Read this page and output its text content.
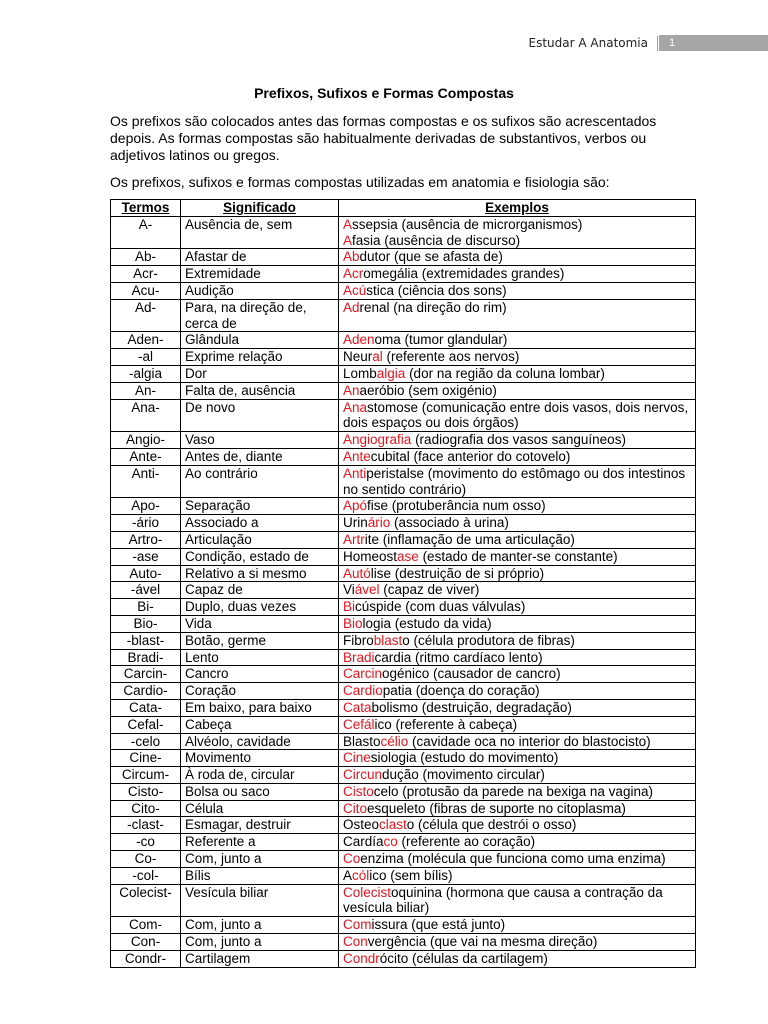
Estudar A Anatomia	1
Prefixos, Sufixos e Formas Compostas

Os prefixos são colocados antes das formas compostas e os sufixos são acrescentados depois. As formas compostas são habitualmente derivadas de substantivos, verbos ou adjetivos latinos ou gregos.

Os prefixos, sufixos e formas compostas utilizadas em anatomia e fisiologia são:

Termos	Significado	Exemplos
A-	Ausência de, sem	Assepsia (ausência de microrganismos)
Afasia (ausência de discurso)
Ab-	Afastar de	Abdutor (que se afasta de)
Acr-	Extremidade	Acromegália (extremidades grandes)
Acu-	Audição	Acústica (ciência dos sons)
Ad-	Para, na direção de, cerca de	Adrenal (na direção do rim)
Aden-	Glândula	Adenoma (tumor glandular)
-al	Exprime relação	Neural (referente aos nervos)
-algia	Dor	Lombalgia (dor na região da coluna lombar)
An-	Falta de, ausência	Anaeróbio (sem oxigénio)
Ana-	De novo	Anastomose (comunicação entre dois vasos, dois nervos, dois espaços ou dois órgãos)
Angio-	Vaso	Angiografia (radiografia dos vasos sanguíneos)
Ante-	Antes de, diante	Antecubital (face anterior do cotovelo)
Anti-	Ao contrário	Antiperistalse (movimento do estômago ou dos intestinos no sentido contrário)
Apo-	Separação	Apófise (protuberância num osso)
-ário	Associado a	Urinário (associado à urina)
Artro-	Articulação	Artrite (inflamação de uma articulação)
-ase	Condição, estado de	Homeostase (estado de manter-se constante)
Auto-	Relativo a si mesmo	Autólise (destruição de si próprio)
-ável	Capaz de	Viável (capaz de viver)
Bi-	Duplo, duas vezes	Bicúspide (com duas válvulas)
Bio-	Vida	Biologia (estudo da vida)
-blast-	Botão, germe	Fibroblasto (célula produtora de fibras)
Bradi-	Lento	Bradicardia (ritmo cardíaco lento)
Carcin-	Cancro	Carcinogénico (causador de cancro)
Cardio-	Coração	Cardiopatia (doença do coração)
Cata-	Em baixo, para baixo	Catabolismo (destruição, degradação)
Cefal-	Cabeça	Cefálico (referente à cabeça)
-celo	Alvéolo, cavidade	Blastocélio (cavidade oca no interior do blastocisto)
Cine-	Movimento	Cinesiologia (estudo do movimento)
Circum-	À roda de, circular	Circundução (movimento circular)
Cisto-	Bolsa ou saco	Cistocelo (protusão da parede na bexiga na vagina)
Cito-	Célula	Citoesqueleto (fibras de suporte no citoplasma)
-clast-	Esmagar, destruir	Osteoclasto (célula que destrói o osso)
-co	Referente a	Cardíaco (referente ao coração)
Co-	Com, junto a	Coenzima (molécula que funciona como uma enzima)
-col-	Bílis	Acólico (sem bílis)
Colecist-	Vesícula biliar	Colecistoquinina (hormona que causa a contração da vesícula biliar)
Com-	Com, junto a	Comissura (que está junto)
Con-	Com, junto a	Convergência (que vai na mesma direção)
Condr-	Cartilagem	Condrócito (células da cartilagem)
